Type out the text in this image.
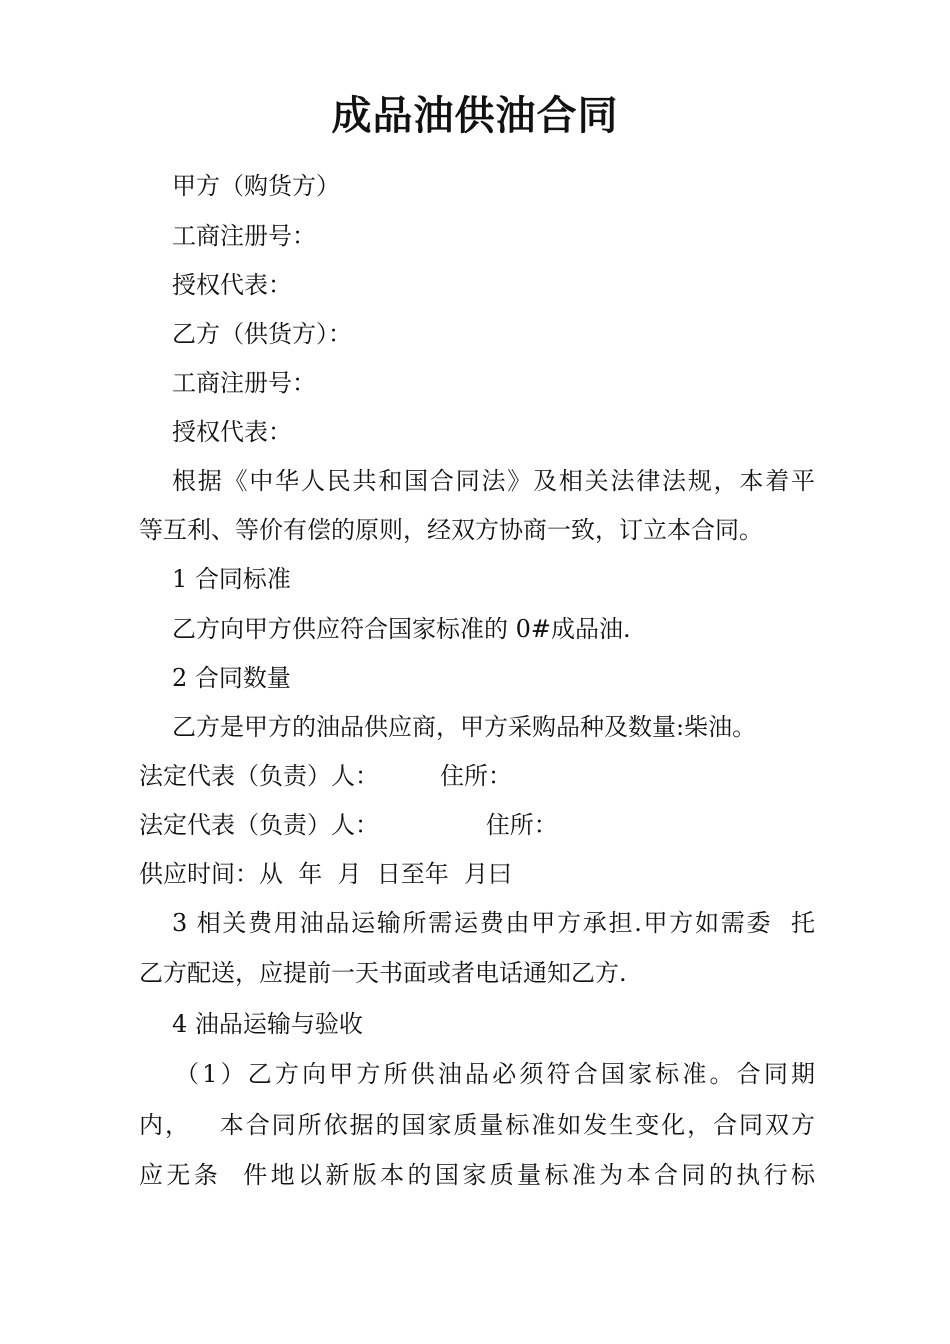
成品油供油合同
甲方（购货方）
工商注册号：
授权代表：
乙方（供货方）：
工商注册号：
授权代表：
根据《中华人民共和国合同法》及相关法律法规，本着平
等互利、等价有偿的原则，经双方协商一致，订立本合同。
1 合同标准
乙方向甲方供应符合国家标准的 0#成品油.
2 合同数量
乙方是甲方的油品供应商，甲方采购品种及数量:柴油。
法定代表（负责）人：        住所：
法定代表（负责）人：              住所：
供应时间：从  年  月  日至年  月曰
3 相关费用油品运输所需运费由甲方承担.甲方如需委  托
乙方配送，应提前一天书面或者电话通知乙方.
4 油品运输与验收
（1）乙方向甲方所供油品必须符合国家标准。合同期
内，   本合同所依据的国家质量标准如发生变化，合同双方
应无条  件地以新版本的国家质量标准为本合同的执行标
